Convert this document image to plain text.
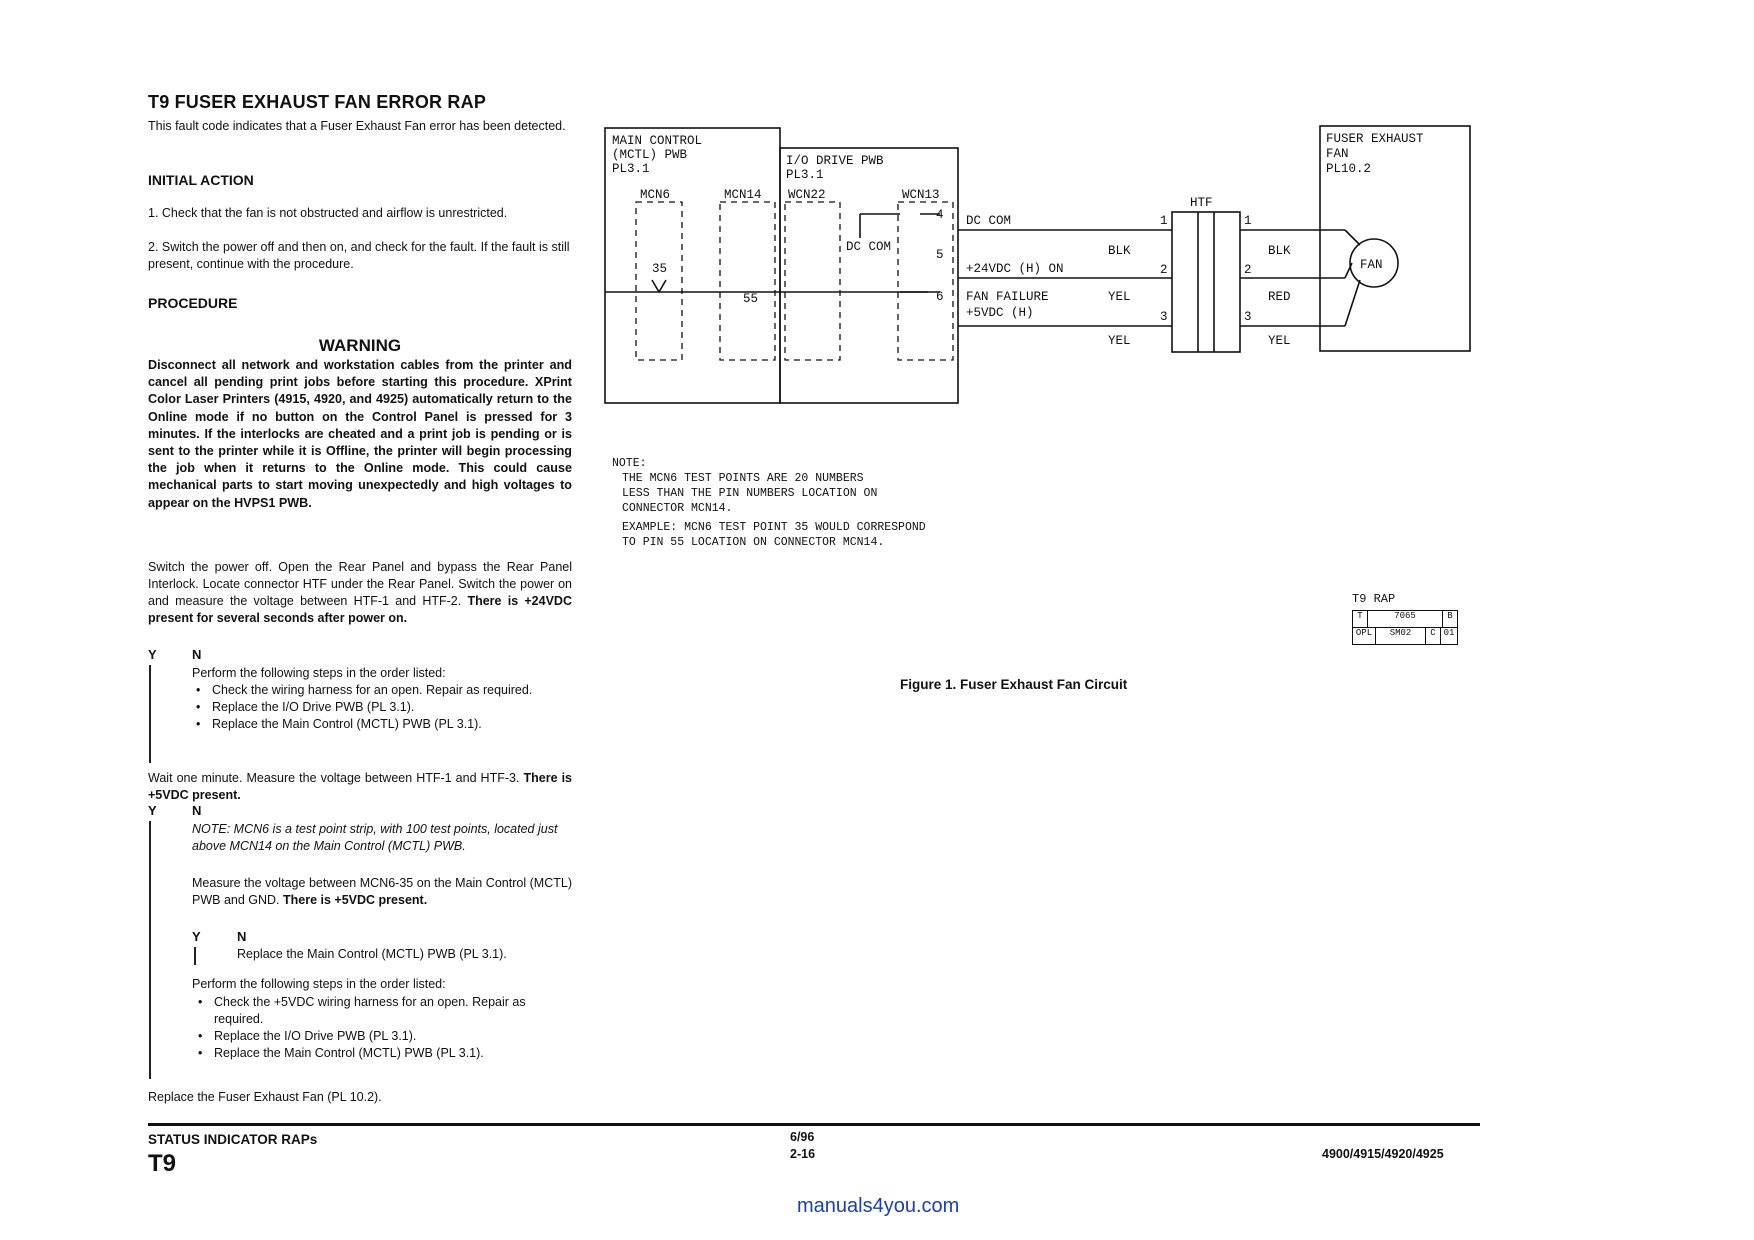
T9 FUSER EXHAUST FAN ERROR RAP
This fault code indicates that a Fuser Exhaust Fan error has been detected.
INITIAL ACTION
1. Check that the fan is not obstructed and airflow is unrestricted.
2. Switch the power off and then on, and check for the fault. If the fault is still present, continue with the procedure.
PROCEDURE
WARNING
Disconnect all network and workstation cables from the printer and cancel all pending print jobs before starting this procedure. XPrint Color Laser Printers (4915, 4920, and 4925) automatically return to the Online mode if no button on the Control Panel is pressed for 3 minutes. If the interlocks are cheated and a print job is pending or is sent to the printer while it is Offline, the printer will begin processing the job when it returns to the Online mode. This could cause mechanical parts to start moving unexpectedly and high voltages to appear on the HVPS1 PWB.
Switch the power off. Open the Rear Panel and bypass the Rear Panel Interlock. Locate connector HTF under the Rear Panel. Switch the power on and measure the voltage between HTF-1 and HTF-2. There is +24VDC present for several seconds after power on.
Y	N
Perform the following steps in the order listed:
• Check the wiring harness for an open. Repair as required.
• Replace the I/O Drive PWB (PL 3.1).
• Replace the Main Control (MCTL) PWB (PL 3.1).
Wait one minute. Measure the voltage between HTF-1 and HTF-3. There is +5VDC present.
Y	N
NOTE: MCN6 is a test point strip, with 100 test points, located just above MCN14 on the Main Control (MCTL) PWB.
Measure the voltage between MCN6-35 on the Main Control (MCTL) PWB and GND. There is +5VDC present.
Y	N
Replace the Main Control (MCTL) PWB (PL 3.1).
Perform the following steps in the order listed:
• Check the +5VDC wiring harness for an open. Repair as required.
• Replace the I/O Drive PWB (PL 3.1).
• Replace the Main Control (MCTL) PWB (PL 3.1).
Replace the Fuser Exhaust Fan (PL 10.2).
MAIN CONTROL
(MCTL) PWB
PL3.1
I/O DRIVE PWB
PL3.1
FUSER EXHAUST
FAN
PL10.2
MCN6	MCN14 WCN22	WCN13
35
55
DC COM
4
5
6
HTF
FAN
1
2
3
1
2
3
DC COM
+24VDC (H) ON
FAN FAILURE
+5VDC (H)
BLK
YEL
YEL
BLK
RED
YEL
NOTE:
THE MCN6 TEST POINTS ARE 20 NUMBERS
LESS THAN THE PIN NUMBERS LOCATION ON
CONNECTOR MCN14.
EXAMPLE: MCN6 TEST POINT 35 WOULD CORRESPOND
TO PIN 55 LOCATION ON CONNECTOR MCN14.
T9 RAP
T	7065	B
OPL	SM02	C 01
Figure 1. Fuser Exhaust Fan Circuit
STATUS INDICATOR RAPs
T9
6/96
2-16	4900/4915/4920/4925
manuals4you.com
